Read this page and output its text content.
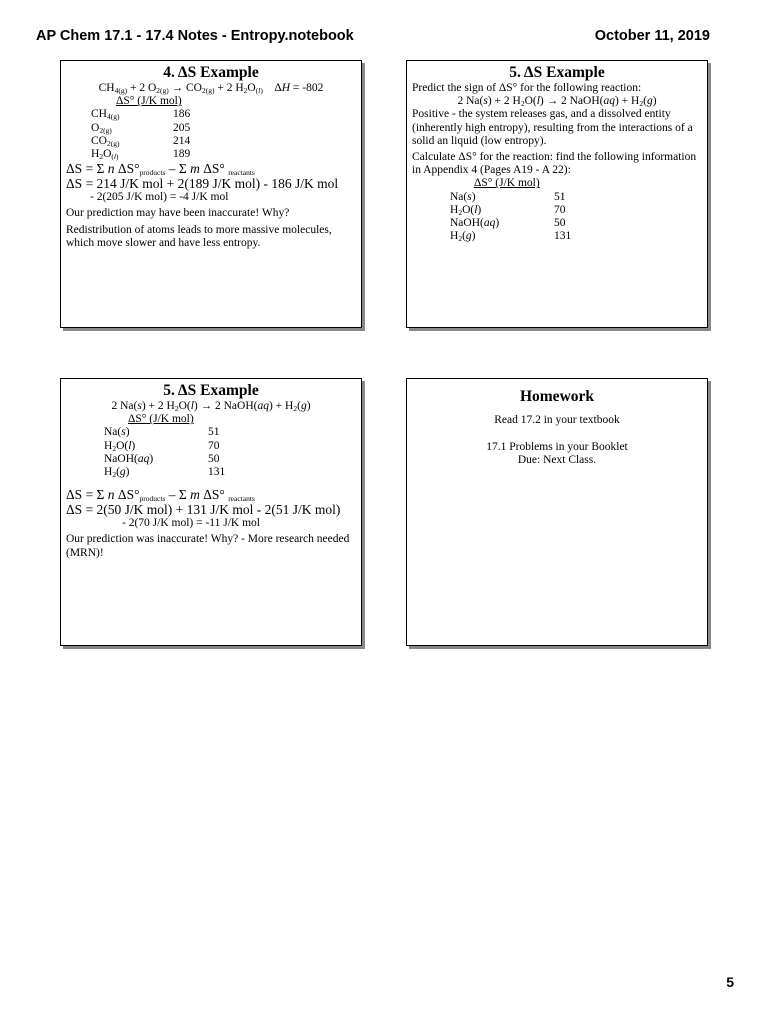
AP Chem 17.1 - 17.4 Notes - Entropy.notebook	October 11, 2019
4. ΔS Example
$CH_{4(g)} + 2$ $O_{2(g)} \to CO_{2(g)} + 2$ $H_2O_{(l)}$    ΔH = -802
ΔS° (J/K mol)
$CH_{4(g)}$	186
$O_{2(g)}$	205
$CO_{2(g)}$	214
$H_2O_{(l)}$	189
ΔS = Σ n $\Delta S^\circ_{products}$ – Σ m ΔS° $_{reactants}$
ΔS = 214 J/K mol + 2(189 J/K mol) - 186 J/K mol
- 2(205 J/K mol) = -4 J/K mol

Our prediction may have been inaccurate! Why?

Redistribution of atoms leads to more massive molecules, which move slower and have less entropy.

5. ΔS Example
Predict the sign of ΔS° for the following reaction:
2 Na(s) + 2 $H_2O(l) \to 2$ NaOH(aq) + $H_2(g)$
Positive - the system releases gas, and a dissolved entity (inherently high entropy), resulting from the interactions of a solid an liquid (low entropy).

Calculate ΔS° for the reaction: find the following information in Appendix 4 (Pages A19 - A 22):

ΔS° (J/K mol)
Na(s)	51
$H_2O(l)$	70
NaOH(aq)	50
$H_2(g)$	131
5. ΔS Example
2 Na(s) + 2 $H_2O(l) \to 2$ NaOH(aq) + $H_2(g)$
ΔS° (J/K mol)
Na(s)	51
$H_2O(l)$	70
NaOH(aq)	50
$H_2(g)$	131
ΔS = Σ n $\Delta S^\circ_{products}$ – Σ m ΔS° $_{reactants}$
ΔS = 2(50 J/K mol) + 131 J/K mol - 2(51 J/K mol)
- 2(70 J/K mol) = -11 J/K mol

Our prediction was inaccurate! Why? - More research needed (MRN)!

Homework
Read 17.2 in your textbook
17.1 Problems in your Booklet
Due: Next Class.
5
